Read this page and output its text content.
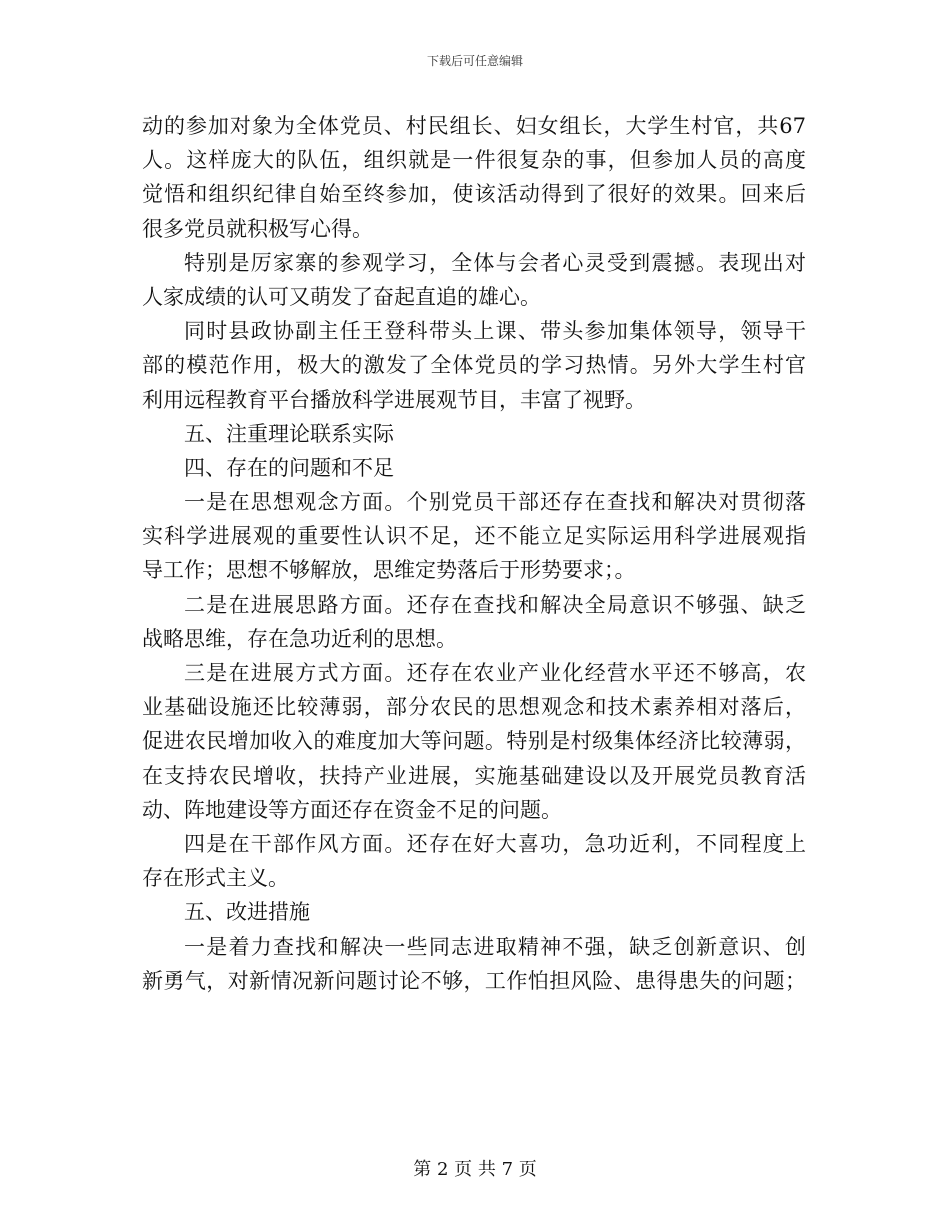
下载后可任意编辑
动的参加对象为全体党员、村民组长、妇女组长，大学生村官，共67
人。这样庞大的队伍，组织就是一件很复杂的事，但参加人员的高度
觉悟和组织纪律自始至终参加，使该活动得到了很好的效果。回来后
很多党员就积极写心得。
特别是厉家寨的参观学习，全体与会者心灵受到震撼。表现出对
人家成绩的认可又萌发了奋起直追的雄心。
同时县政协副主任王登科带头上课、带头参加集体领导，领导干
部的模范作用，极大的激发了全体党员的学习热情。另外大学生村官
利用远程教育平台播放科学进展观节目，丰富了视野。
五、注重理论联系实际
四、存在的问题和不足
一是在思想观念方面。个别党员干部还存在查找和解决对贯彻落
实科学进展观的重要性认识不足，还不能立足实际运用科学进展观指
导工作；思想不够解放，思维定势落后于形势要求；。
二是在进展思路方面。还存在查找和解决全局意识不够强、缺乏
战略思维，存在急功近利的思想。
三是在进展方式方面。还存在农业产业化经营水平还不够高，农
业基础设施还比较薄弱，部分农民的思想观念和技术素养相对落后，
促进农民增加收入的难度加大等问题。特别是村级集体经济比较薄弱，
在支持农民增收，扶持产业进展，实施基础建设以及开展党员教育活
动、阵地建设等方面还存在资金不足的问题。
四是在干部作风方面。还存在好大喜功，急功近利，不同程度上
存在形式主义。
五、改进措施
一是着力查找和解决一些同志进取精神不强，缺乏创新意识、创
新勇气，对新情况新问题讨论不够，工作怕担风险、患得患失的问题；
第 2 页 共 7 页
